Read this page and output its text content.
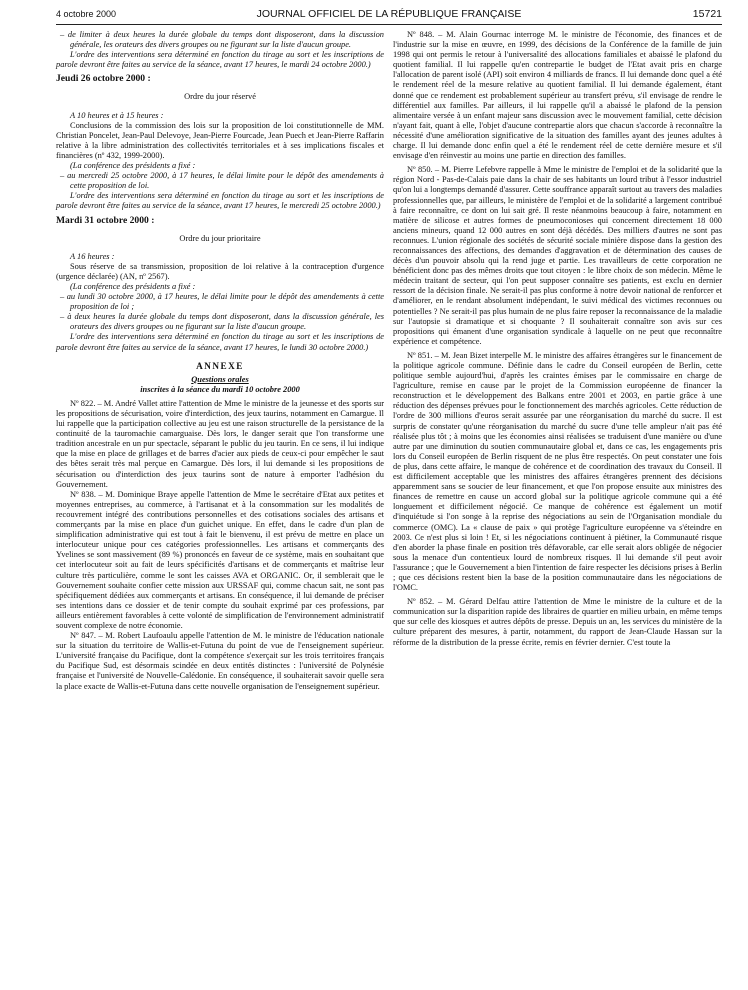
4 octobre 2000	JOURNAL OFFICIEL DE LA RÉPUBLIQUE FRANÇAISE	15721

– de limiter à deux heures la durée globale du temps dont disposeront, dans la discussion générale, les orateurs des divers groupes ou ne figurant sur la liste d'aucun groupe.

L'ordre des interventions sera déterminé en fonction du tirage au sort et les inscriptions de parole devront être faites au service de la séance, avant 17 heures, le mardi 24 octobre 2000.)

Jeudi 26 octobre 2000 :

Ordre du jour réservé

A 10 heures et à 15 heures :

Conclusions de la commission des lois sur la proposition de loi constitutionnelle de MM. Christian Poncelet, Jean-Paul Delevoye, Jean-Pierre Fourcade, Jean Puech et Jean-Pierre Raffarin relative à la libre administration des collectivités territoriales et à ses implications fiscales et financières (nº 432, 1999-2000).

(La conférence des présidents a fixé :

– au mercredi 25 octobre 2000, à 17 heures, le délai limite pour le dépôt des amendements à cette proposition de loi.

L'ordre des interventions sera déterminé en fonction du tirage au sort et les inscriptions de parole devront être faites au service de la séance, avant 17 heures, le mercredi 25 octobre 2000.)

Mardi 31 octobre 2000 :

Ordre du jour prioritaire

A 16 heures :

Sous réserve de sa transmission, proposition de loi relative à la contraception d'urgence (urgence déclarée) (AN, nº 2567).

(La conférence des présidents a fixé :

– au lundi 30 octobre 2000, à 17 heures, le délai limite pour le dépôt des amendements à cette proposition de loi ;

– à deux heures la durée globale du temps dont disposeront, dans la discussion générale, les orateurs des divers groupes ou ne figurant sur la liste d'aucun groupe.

L'ordre des interventions sera déterminé en fonction du tirage au sort et les inscriptions de parole devront être faites au service de la séance, avant 17 heures, le lundi 30 octobre 2000.)

ANNEXE

Questions orales

inscrites à la séance du mardi 10 octobre 2000

Nº 822. – M. André Vallet attire l'attention de Mme le ministre de la jeunesse et des sports sur les propositions de sécurisation, voire d'interdiction, des jeux taurins, notamment en Camargue. Il lui rappelle que la participation collective au jeu est une raison structurelle de la persistance de la continuité de la tauromachie camarguaise. Dès lors, le danger serait que l'on transforme une tradition ancestrale en un pur spectacle, séparant le public du jeu taurin. En ce sens, il lui indique que la mise en place de grillages et de barres d'acier aux pieds de ceux-ci pour empêcher le saut des bêtes serait très mal perçue en Camargue. Dès lors, il lui demande si les propositions de sécurisation ou d'interdiction des jeux taurins sont de nature à emporter l'adhésion du Gouvernement.

Nº 838. – M. Dominique Braye appelle l'attention de Mme le secrétaire d'Etat aux petites et moyennes entreprises, au commerce, à l'artisanat et à la consommation sur les modalités de recouvrement intégré des contributions personnelles et des cotisations sociales des artisans et commerçants par la mise en place d'un guichet unique. En effet, dans le cadre d'un plan de simplification administrative qui est tout à fait le bienvenu, il est prévu de mettre en place un interlocuteur unique pour ces catégories professionnelles. Les artisans et commerçants des Yvelines se sont massivement (89 %) prononcés en faveur de ce système, mais en souhaitant que cet interlocuteur soit au fait de leurs spécificités d'artisans et de commerçants et maîtrise leur culture très particulière, comme le sont les caisses AVA et ORGANIC. Or, il semblerait que le Gouvernement souhaite confier cette mission aux URSSAF qui, comme chacun sait, ne sont pas spécifiquement dédiées aux commerçants et artisans. En conséquence, il lui demande de préciser ses intentions dans ce dossier et de tenir compte du souhait exprimé par ces professions, par ailleurs entièrement favorables à cette volonté de simplification de l'environnement administratif souvent complexe de notre économie.

Nº 847. – M. Robert Laufoaulu appelle l'attention de M. le ministre de l'éducation nationale sur la situation du territoire de Wallis-et-Futuna du point de vue de l'enseignement supérieur. L'université française du Pacifique, dont la compétence s'exerçait sur les trois territoires français du Pacifique Sud, est désormais scindée en deux entités distinctes : l'université de Polynésie française et l'université de Nouvelle-Calédonie. En conséquence, il souhaiterait savoir quelle sera la place exacte de Wallis-et-Futuna dans cette nouvelle organisation de l'enseignement supérieur.

Nº 848. – M. Alain Gournac interroge M. le ministre de l'économie, des finances et de l'industrie sur la mise en œuvre, en 1999, des décisions de la Conférence de la famille de juin 1998 qui ont permis le retour à l'universalité des allocations familiales et abaissé le plafond du quotient familial. Il lui rappelle qu'en contrepartie le budget de l'Etat avait pris en charge l'allocation de parent isolé (API) soit environ 4 milliards de francs. Il lui demande donc quel a été le rendement réel de la mesure relative au quotient familial. Il lui demande également, étant donné que ce rendement est probablement supérieur au transfert prévu, s'il envisage de rendre le différentiel aux familles. Par ailleurs, il lui rappelle qu'il a abaissé le plafond de la pension alimentaire versée à un enfant majeur sans discussion avec le mouvement familial, cette décision n'ayant fait, quant à elle, l'objet d'aucune contrepartie alors que chacun s'accorde à reconnaître la nécessité d'une amélioration significative de la situation des familles ayant des jeunes adultes à charge. Il lui demande donc enfin quel a été le rendement réel de cette dernière mesure et s'il envisage d'en réinvestir au moins une partie en direction des familles.

Nº 850. – M. Pierre Lefebvre rappelle à Mme le ministre de l'emploi et de la solidarité que la région Nord - Pas-de-Calais paie dans la chair de ses habitants un lourd tribut à l'essor industriel qu'on lui a longtemps demandé d'assurer. Cette souffrance apparaît surtout au travers des maladies professionnelles que, par ailleurs, le ministère de l'emploi et de la solidarité a largement contribué à faire reconnaître, ce dont on lui sait gré. Il reste néanmoins beaucoup à faire, notamment en matière de silicose et autres formes de pneumoconioses qui concernent directement 18 000 anciens mineurs, quand 12 000 autres en sont déjà décédés. Des milliers d'autres ne sont pas reconnues. L'union régionale des sociétés de sécurité sociale minière dispose dans la gestion des reconnaissances des affections, des demandes d'aggravation et de détermination des causes de décès d'un pouvoir absolu qui la rend juge et partie. Les travailleurs de cette corporation ne bénéficient donc pas des mêmes droits que tout citoyen : le libre choix de son médecin. Même le médecin traitant de secteur, qui l'on peut supposer connaître ses patients, est exclu en dernier ressort de la décision finale. Ne serait-il pas plus conforme à notre devoir national de renforcer et d'améliorer, en le rendant absolument indépendant, le suivi médical des victimes reconnues ou potentielles ? Ne serait-il pas plus humain de ne plus faire reposer la reconnaissance de la maladie sur l'autopsie si dramatique et si choquante ? Il souhaiterait connaître son avis sur ces propositions qui émanent d'une organisation syndicale à laquelle on ne peut que reconnaître expérience et compétence.

Nº 851. – M. Jean Bizet interpelle M. le ministre des affaires étrangères sur le financement de la politique agricole commune. Définie dans le cadre du Conseil européen de Berlin, cette politique semble aujourd'hui, d'après les craintes émises par le commissaire en charge de l'agriculture, remise en cause par le projet de la Commission européenne de financer la reconstruction et le développement des Balkans entre 2001 et 2003, en partie grâce à une réduction des dépenses prévues pour le fonctionnement des marchés agricoles. Cette réduction de l'ordre de 300 millions d'euros serait assurée par une réorganisation du marché du sucre. Il est surpris de constater qu'une réorganisation du marché du sucre d'une telle ampleur n'ait pas été réalisée plus tôt ; à moins que les économies ainsi réalisées se traduisent d'une manière ou d'une autre par une diminution du soutien communautaire global et, dans ce cas, les engagements pris lors du Conseil européen de Berlin risquent de ne plus être respectés. On peut constater une fois de plus, dans cette affaire, le manque de cohérence et de coordination des travaux du Conseil. Il est difficilement acceptable que les ministres des affaires étrangères prennent des décisions apparemment sans se soucier de leur financement, et que l'on propose ensuite aux ministres des finances de remettre en cause un accord global sur la politique agricole commune qui a été longuement et difficilement négocié. Ce manque de cohérence est également un motif d'inquiétude si l'on songe à la reprise des négociations au sein de l'Organisation mondiale du commerce (OMC). La « clause de paix » qui protège l'agriculture européenne va s'éteindre en 2003. Ce n'est plus si loin ! Et, si les négociations continuent à piétiner, la Communauté risque d'en aborder la phase finale en position très défavorable, car elle serait alors obligée de négocier sous la menace d'un contentieux lourd de nombreux risques. Il lui demande s'il peut avoir l'assurance ; que le Gouvernement a bien l'intention de faire respecter les décisions prises à Berlin ; que ces décisions restent bien la base de la position communautaire dans les négociations de l'OMC.

Nº 852. – M. Gérard Delfau attire l'attention de Mme le ministre de la culture et de la communication sur la disparition rapide des libraires de quartier en milieu urbain, en même temps que sur celle des kiosques et autres dépôts de presse. Depuis un an, les services du ministère de la culture préparent des mesures, à partir, notamment, du rapport de Jean-Claude Hassan sur la réforme de la distribution de la presse écrite, remis en février dernier. C'est toute la
